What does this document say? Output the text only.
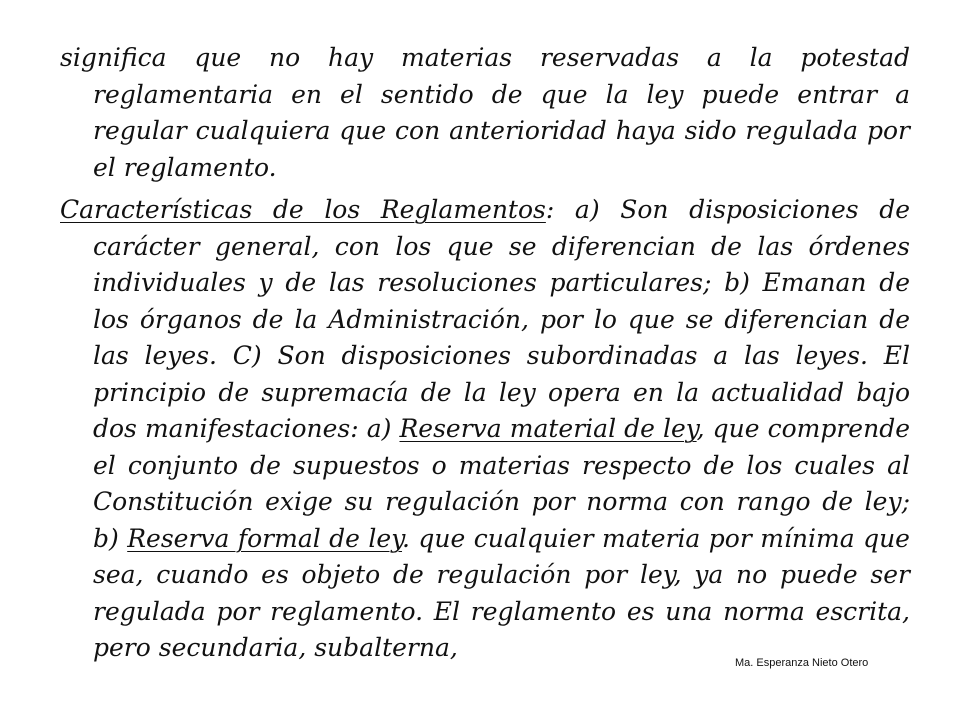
significa que no hay materias reservadas a la potestad reglamentaria en el sentido de que la ley puede entrar a regular cualquiera que con anterioridad haya sido regulada por el reglamento.

Características de los Reglamentos: a) Son disposiciones de carácter general, con los que se diferencian de las órdenes individuales y de las resoluciones particulares; b) Emanan de los órganos de la Administración, por lo que se diferencian de las leyes. C) Son disposiciones subordinadas a las leyes. El principio de supremacía de la ley opera en la actualidad bajo dos manifestaciones: a) Reserva material de ley, que comprende el conjunto de supuestos o materias respecto de los cuales al Constitución exige su regulación por norma con rango de ley; b) Reserva formal de ley. que cualquier materia por mínima que sea, cuando es objeto de regulación por ley, ya no puede ser regulada por reglamento. El reglamento es una norma escrita, pero secundaria, subalterna,

Ma. Esperanza Nieto Otero
